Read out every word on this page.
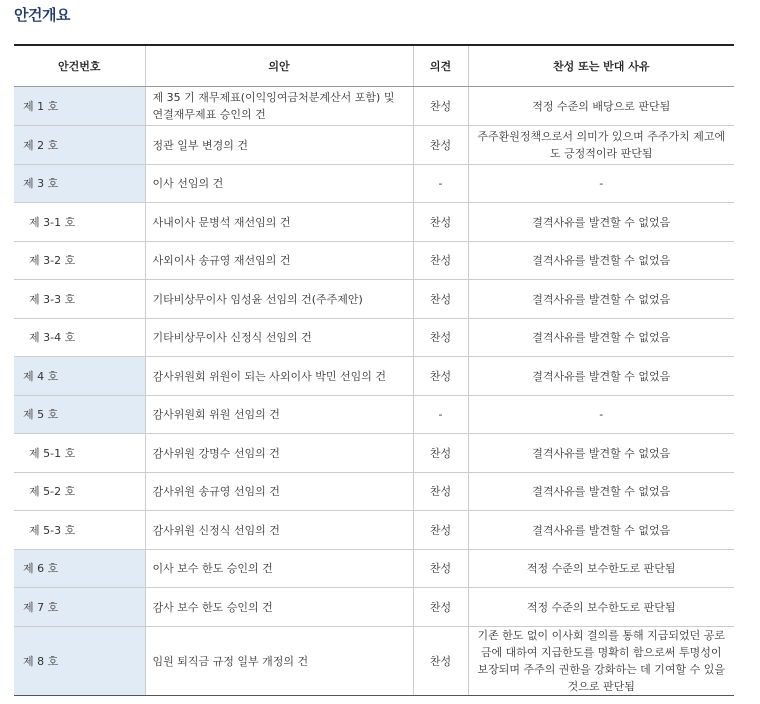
안건개요
안건번호	의안	의견	찬성 또는 반대 사유
제 1 호	제 35 기 재무제표(이익잉여금처분계산서 포함) 및 연결재무제표 승인의 건	찬성	적정 수준의 배당으로 판단됨
제 2 호	정관 일부 변경의 건	찬성	주주환원정책으로서 의미가 있으며 주주가치 제고에도 긍정적이라 판단됨
제 3 호	이사 선임의 건	-	-
제 3-1 호	사내이사 문병석 재선임의 건	찬성	결격사유를 발견할 수 없었음
제 3-2 호	사외이사 송규영 재선임의 건	찬성	결격사유를 발견할 수 없었음
제 3-3 호	기타비상무이사 임성윤 선임의 건(주주제안)	찬성	결격사유를 발견할 수 없었음
제 3-4 호	기타비상무이사 신정식 선임의 건	찬성	결격사유를 발견할 수 없었음
제 4 호	감사위원회 위원이 되는 사외이사 박민 선임의 건	찬성	결격사유를 발견할 수 없었음
제 5 호	감사위원회 위원 선임의 건	-	-
제 5-1 호	감사위원 강명수 선임의 건	찬성	결격사유를 발견할 수 없었음
제 5-2 호	감사위원 송규영 선임의 건	찬성	결격사유를 발견할 수 없었음
제 5-3 호	감사위원 신정식 선임의 건	찬성	결격사유를 발견할 수 없었음
제 6 호	이사 보수 한도 승인의 건	찬성	적정 수준의 보수한도로 판단됨
제 7 호	감사 보수 한도 승인의 건	찬성	적정 수준의 보수한도로 판단됨
제 8 호	임원 퇴직금 규정 일부 개정의 건	찬성	기존 한도 없이 이사회 결의를 통해 지급되었던 공로금에 대하여 지급한도를 명확히 함으로써 투명성이 보장되며 주주의 권한을 강화하는 데 기여할 수 있을 것으로 판단됨
